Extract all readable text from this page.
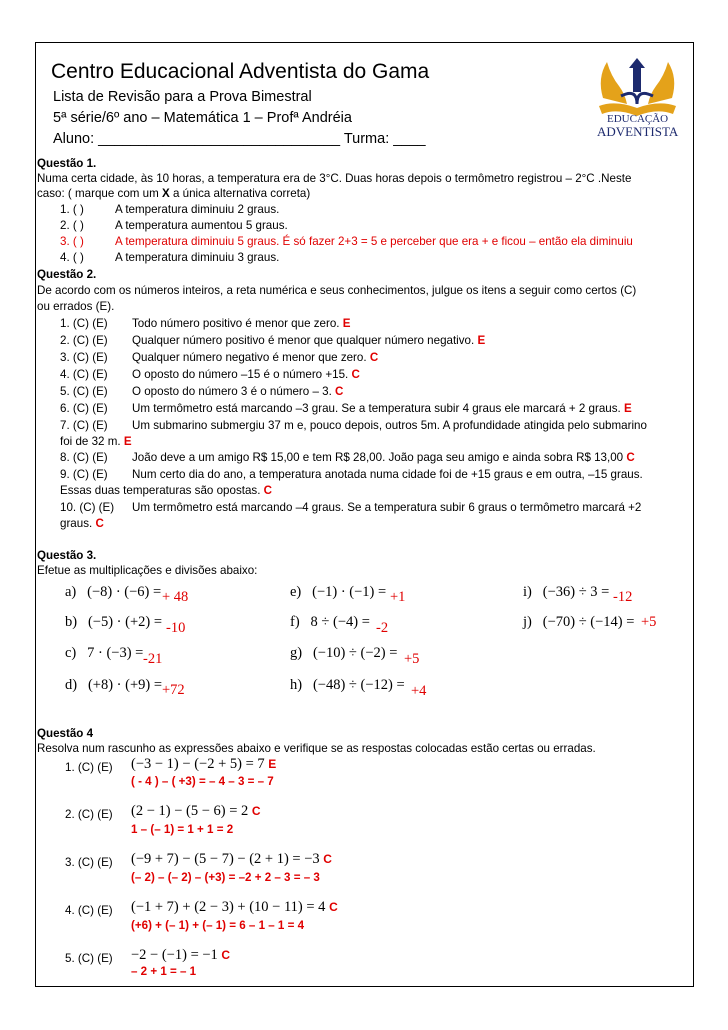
Centro Educacional Adventista do Gama
Lista de Revisão para a Prova Bimestral
5ª série/6º ano – Matemática 1 – Profª Andréia
Aluno: ______________________________ Turma: ____
EDUCAÇÃO
ADVENTISTA
Questão 1.
Numa certa cidade, às 10 horas, a temperatura era de 3°C. Duas horas depois o termômetro registrou – 2°C .Neste
caso: ( marque com um X a única alternativa correta)
1. ( )	A temperatura diminuiu 2 graus.
2. ( )	A temperatura aumentou 5 graus.
3. ( )	A temperatura diminuiu 5 graus. É só fazer 2+3 = 5 e perceber que era + e ficou – então ela diminuiu
4. ( )	A temperatura diminuiu 3 graus.
Questão 2.
De acordo com os números inteiros, a reta numérica e seus conhecimentos, julgue os itens a seguir como certos (C)
ou errados (E).
1. (C) (E) Todo número positivo é menor que zero. E
2. (C) (E) Qualquer número positivo é menor que qualquer número negativo. E
3. (C) (E) Qualquer número negativo é menor que zero. C
4. (C) (E) O oposto do número –15 é o número +15. C
5. (C) (E) O oposto do número 3 é o número – 3. C
6. (C) (E) Um termômetro está marcando –3 grau. Se a temperatura subir 4 graus ele marcará + 2 graus. E
7. (C) (E) Um submarino submergiu 37 m e, pouco depois, outros 5m. A profundidade atingida pelo submarino
foi de 32 m. E
8. (C) (E) João deve a um amigo R$ 15,00 e tem R$ 28,00. João paga seu amigo e ainda sobra R$ 13,00 C
9. (C) (E) Num certo dia do ano, a temperatura anotada numa cidade foi de +15 graus e em outra, –15 graus.
Essas duas temperaturas são opostas. C
10. (C) (E) Um termômetro está marcando –4 graus. Se a temperatura subir 6 graus o termômetro marcará +2
graus. C
Questão 3.
Efetue as multiplicações e divisões abaixo:
a) (−8) · (−6) = + 48
b) (−5) · (+2) = -10
c) 7 · (−3) = -21
d) (+8) · (+9) = +72
e) (−1) · (−1) = +1
f) 8 ÷ (−4) = -2
g) (−10) ÷ (−2) = +5
h) (−48) ÷ (−12) = +4
i) (−36) ÷ 3 = -12
j) (−70) ÷ (−14) = +5
Questão 4
Resolva num rascunho as expressões abaixo e verifique se as respostas colocadas estão certas ou erradas.
1. (C) (E) (−3 − 1) − (−2 + 5) = 7 E
( - 4 ) – ( +3) = – 4 – 3 = – 7
2. (C) (E) (2 − 1) − (5 − 6) = 2 C
1 – (– 1) = 1 + 1 = 2
3. (C) (E) (−9 + 7) − (5 − 7) − (2 + 1) = −3 C
(– 2) – (– 2) – (+3) = –2 + 2 – 3 = – 3
4. (C) (E) (−1 + 7) + (2 − 3) + (10 − 11) = 4 C
(+6) + (– 1) + (– 1) = 6 – 1 – 1 = 4
5. (C) (E) −2 − (−1) = −1 C
– 2 + 1 = – 1
